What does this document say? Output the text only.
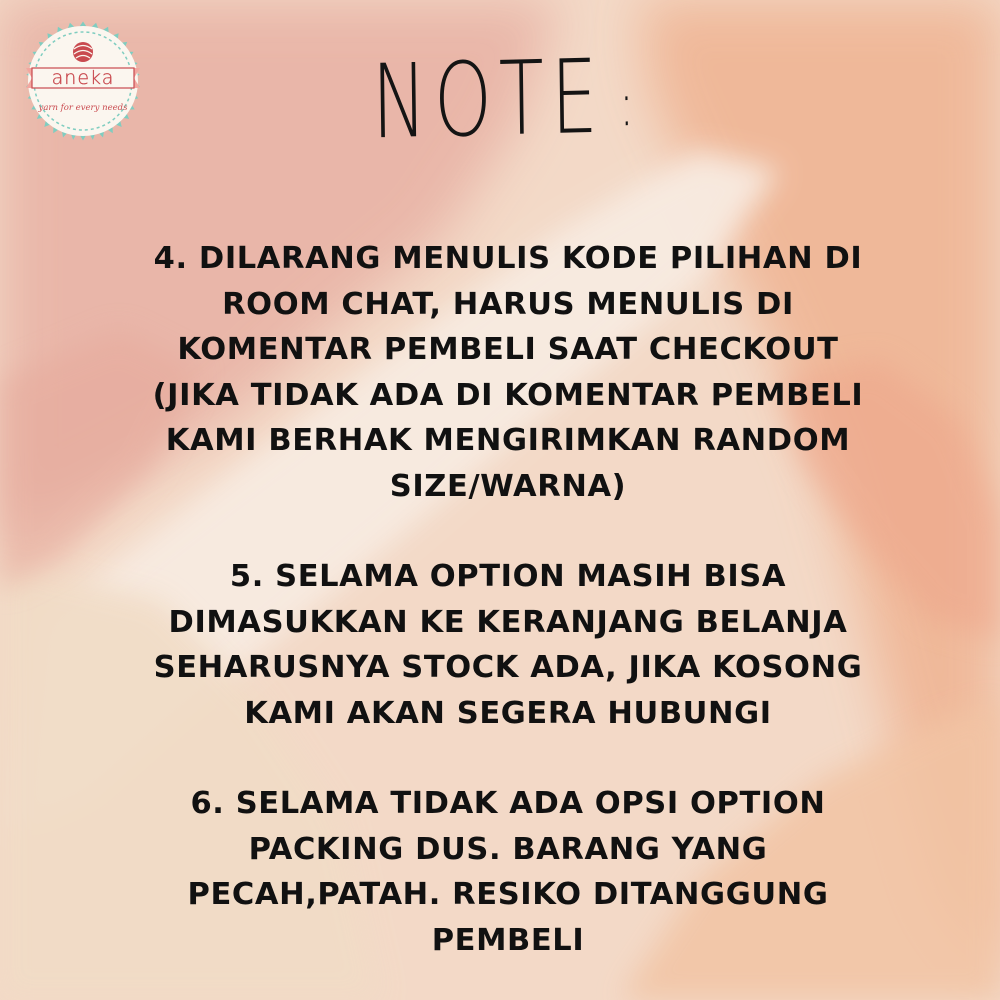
aneka
yarn for every needs	NOTE :
4. DILARANG MENULIS KODE PILIHAN DI
ROOM CHAT, HARUS MENULIS DI
KOMENTAR PEMBELI SAAT CHECKOUT
(JIKA TIDAK ADA DI KOMENTAR PEMBELI
KAMI BERHAK MENGIRIMKAN RANDOM
SIZE/WARNA)
5. SELAMA OPTION MASIH BISA
DIMASUKKAN KE KERANJANG BELANJA
SEHARUSNYA STOCK ADA, JIKA KOSONG
KAMI AKAN SEGERA HUBUNGI
6. SELAMA TIDAK ADA OPSI OPTION
PACKING DUS. BARANG YANG
PECAH,PATAH. RESIKO DITANGGUNG
PEMBELI
